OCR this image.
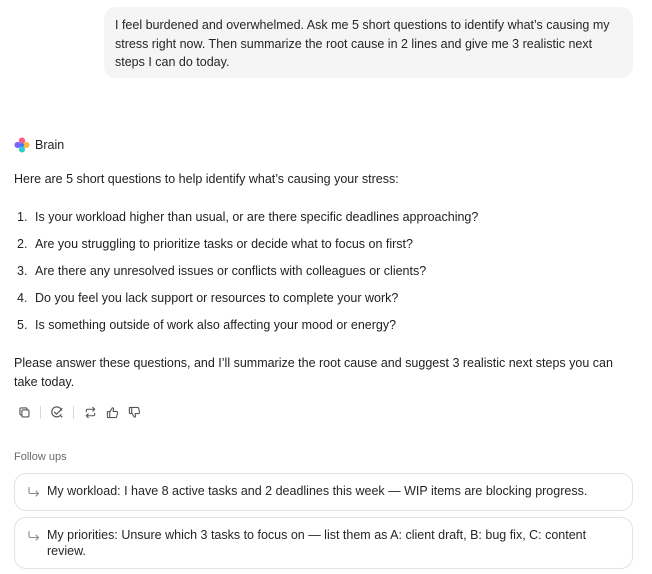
I feel burdened and overwhelmed. Ask me 5 short questions to identify what’s causing my stress right now. Then summarize the root cause in 2 lines and give me 3 realistic next steps I can do today.
Brain
Here are 5 short questions to help identify what’s causing your stress:
1. Is your workload higher than usual, or are there specific deadlines approaching?
2. Are you struggling to prioritize tasks or decide what to focus on first?
3. Are there any unresolved issues or conflicts with colleagues or clients?
4. Do you feel you lack support or resources to complete your work?
5. Is something outside of work also affecting your mood or energy?
Please answer these questions, and I’ll summarize the root cause and suggest 3 realistic next steps you can take today.
Follow ups
My workload: I have 8 active tasks and 2 deadlines this week — WIP items are blocking progress.
My priorities: Unsure which 3 tasks to focus on — list them as A: client draft, B: bug fix, C: content review.
